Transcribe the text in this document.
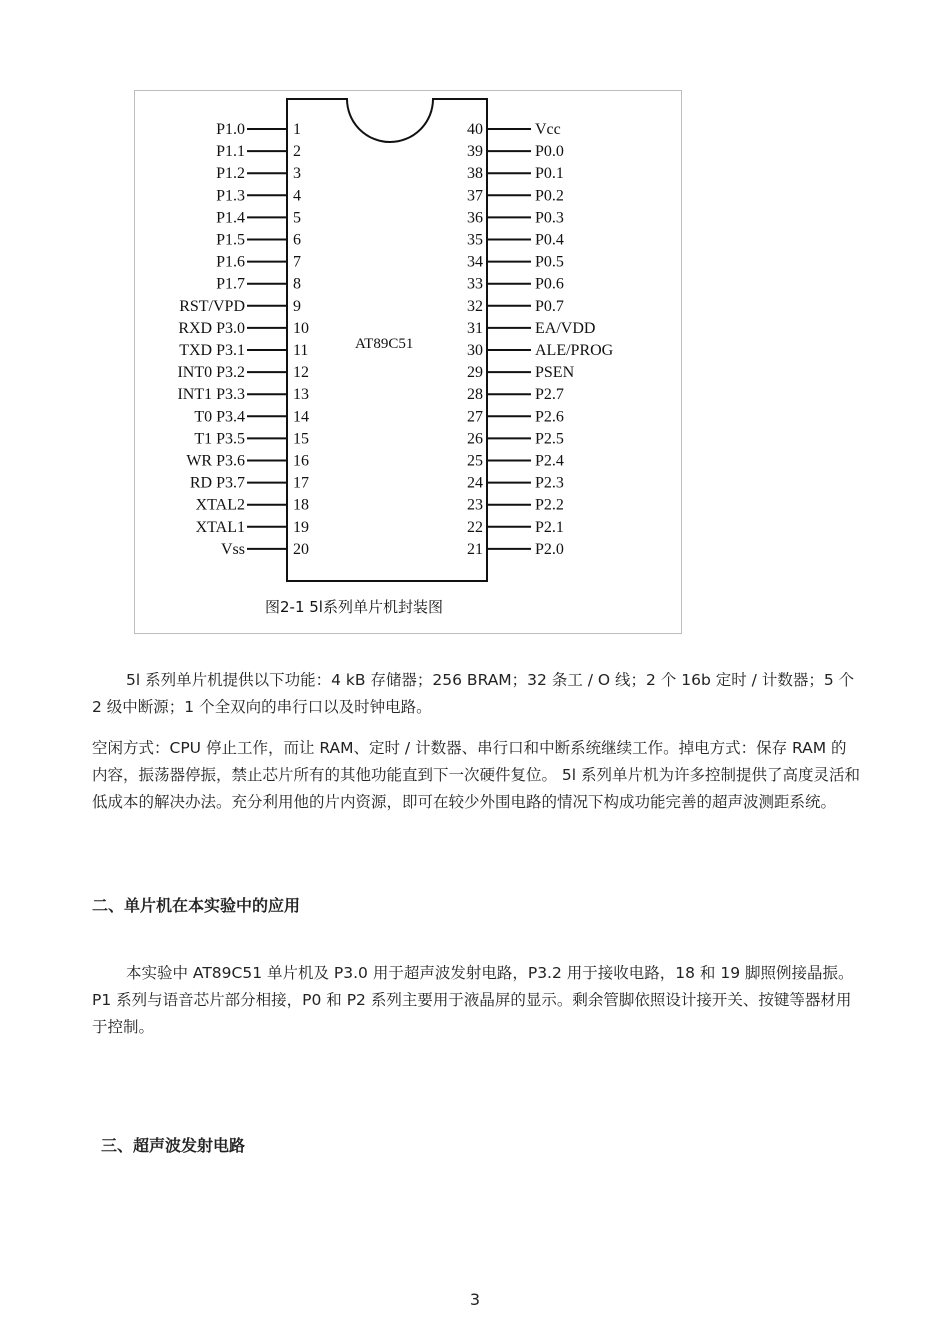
AT89C51
P1.0	1
P1.1	2
P1.2	3
P1.3	4
P1.4	5
P1.5	6
P1.6	7
P1.7	8
RST/VPD	9
RXD P3.0	10
TXD P3.1	11
INT0 P3.2	12
INT1 P3.3	13
T0 P3.4	14
T1 P3.5	15
WR P3.6	16
RD P3.7	17
XTAL2	18
XTAL1	19
Vss	20
40	Vcc
39	P0.0
38	P0.1
37	P0.2
36	P0.3
35	P0.4
34	P0.5
33	P0.6
32	P0.7
31	EA/VDD
30	ALE/PROG
29	PSEN
28	P2.7
27	P2.6
26	P2.5
25	P2.4
24	P2.3
23	P2.2
22	P2.1
21	P2.0
图2-1 5l系列单片机封装图

5l 系列单片机提供以下功能：4 kB 存储器；256 BRAM；32 条工 / O 线；2 个 16b 定时 / 计数器；5 个 2 级中断源；1 个全双向的串行口以及时钟电路。

空闲方式：CPU 停止工作，而让 RAM、定时 / 计数器、串行口和中断系统继续工作。掉电方式：保存 RAM 的内容，振荡器停振，禁止芯片所有的其他功能直到下一次硬件复位。 5l 系列单片机为许多控制提供了高度灵活和低成本的解决办法。充分利用他的片内资源，即可在较少外围电路的情况下构成功能完善的超声波测距系统。

二、单片机在本实验中的应用

本实验中 AT89C51 单片机及 P3.0 用于超声波发射电路，P3.2 用于接收电路，18 和 19 脚照例接晶振。P1 系列与语音芯片部分相接，P0 和 P2 系列主要用于液晶屏的显示。剩余管脚依照设计接开关、按键等器材用于控制。

三、超声波发射电路
3
